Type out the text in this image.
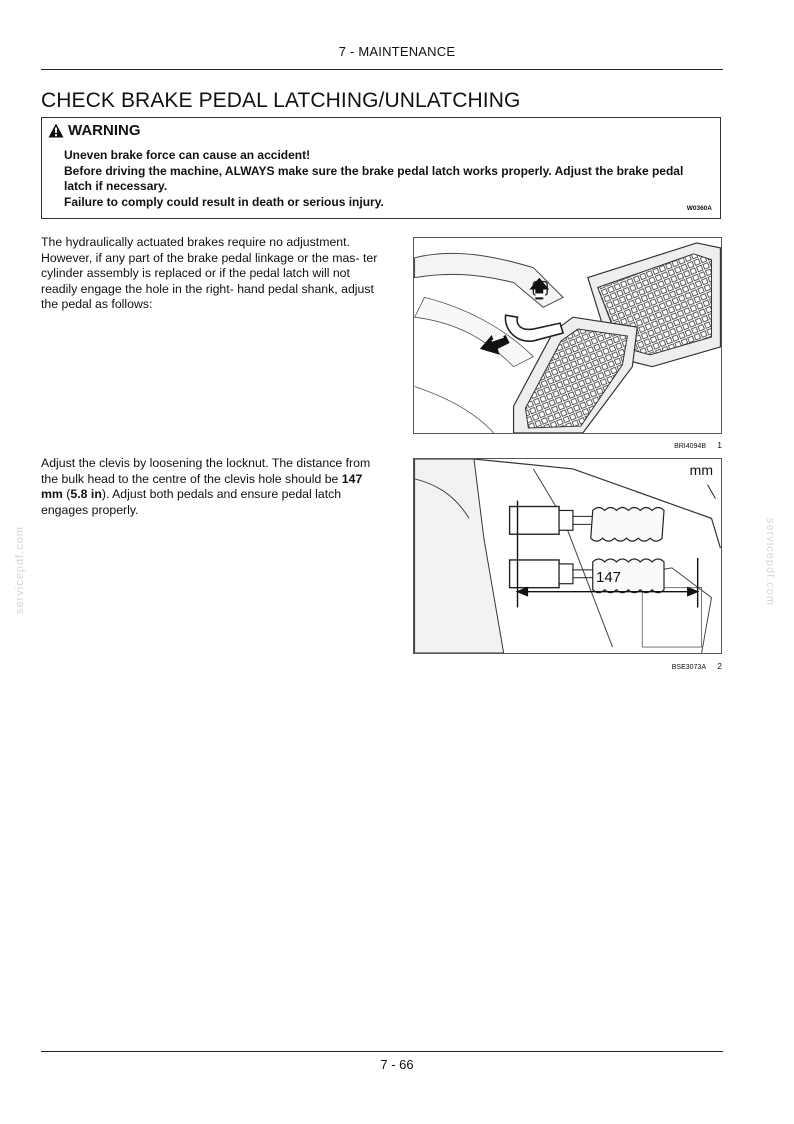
7 - MAINTENANCE
CHECK BRAKE PEDAL LATCHING/UNLATCHING
WARNING
Uneven brake force can cause an accident!
Before driving the machine, ALWAYS make sure the brake pedal latch works properly. Adjust the brake pedal latch if necessary.
Failure to comply could result in death or serious injury.	W0360A
The hydraulically actuated brakes require no adjustment. However, if any part of the brake pedal linkage or the mas- ter cylinder assembly is replaced or if the pedal latch will not readily engage the hole in the right- hand pedal shank, adjust the pedal as follows:
Adjust the clevis by loosening the locknut. The distance from the bulk head to the centre of the clevis hole should be 147 mm (5.8 in). Adjust both pedals and ensure pedal latch engages properly.
BRI4094B 1
mm
147
BSE3073A 2
servicepdf.com	servicepdf.com
7 - 66
